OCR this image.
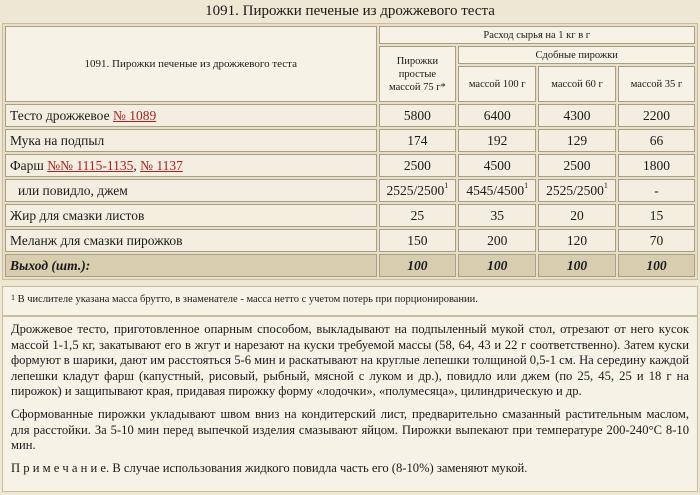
1091. Пирожки печеные из дрожжевого теста
1091. Пирожки печеные из дрожжевого теста	Расход сырья на 1 кг в г			
	Пирожки простые массой 75 г*	Сдобные пирожки		
		массой 100 г	массой 60 г	массой 35 г
Тесто дрожжевое № 1089	5800	6400	4300	2200
Мука на подпыл	174	192	129	66
Фарш №№ 1115-1135, № 1137	2500	4500	2500	1800
или повидло, джем	2525/2500$^1$	4545/4500$^1$	2525/2500$^1$	-
Жир для смазки листов	25	35	20	15
Меланж для смазки пирожков	150	200	120	70
Выход (шт.):	100	100	100	100
$^1$ В числителе указана масса брутто, в знаменателе - масса нетто с учетом потерь при порционировании.

Дрожжевое тесто, приготовленное опарным способом, выкладывают на подпыленный мукой стол, отрезают от него кусок массой 1-1,5 кг, закатывают его в жгут и нарезают на куски требуемой массы (58, 64, 43 и 22 г соответственно). Затем куски формуют в шарики, дают им расстояться 5-6 мин и раскатывают на круглые лепешки толщиной 0,5-1 см. На середину каждой лепешки кладут фарш (капустный, рисовый, рыбный, мясной с луком и др.), повидло или джем (по 25, 45, 25 и 18 г на пирожок) и защипывают края, придавая пирожку форму «лодочки», «полумесяца», цилиндрическую и др.

Сформованные пирожки укладывают швом вниз на кондитерский лист, предварительно смазанный растительным маслом, для расстойки. За 5-10 мин перед выпечкой изделия смазывают яйцом. Пирожки выпекают при температуре 200-240°С 8-10 мин.

П р и м е ч а н и е. В случае использования жидкого повидла часть его (8-10%) заменяют мукой.
